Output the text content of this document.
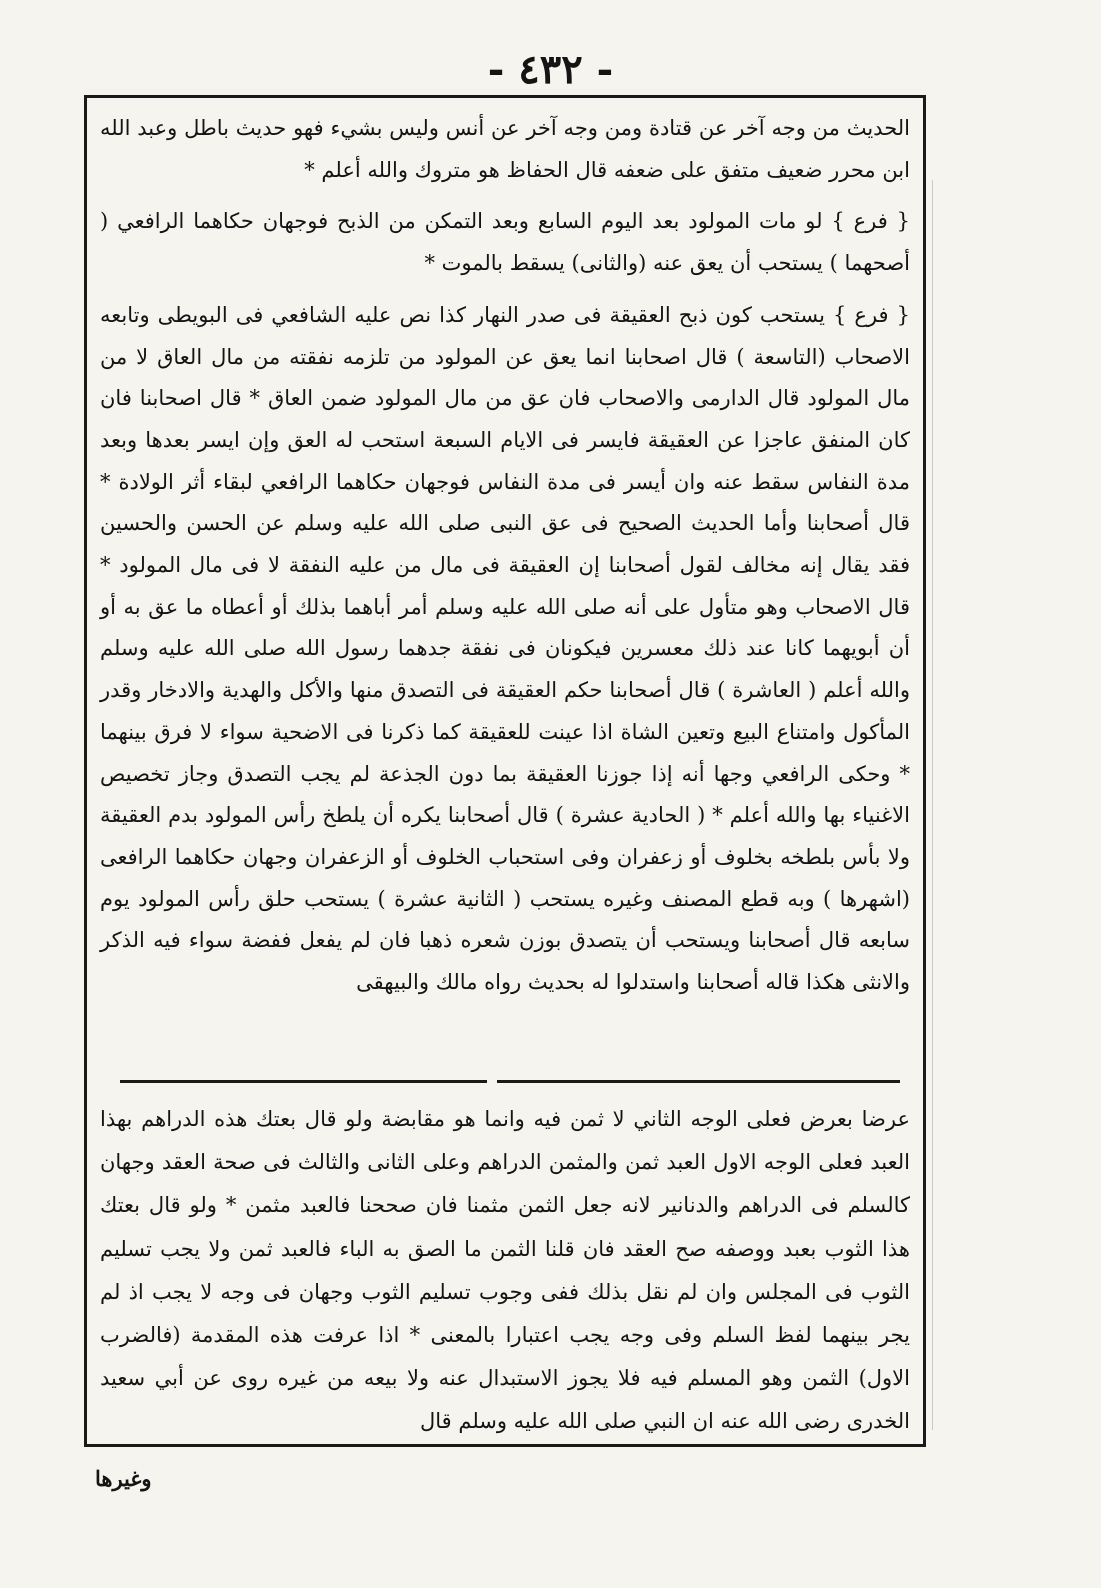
- ٤٣٢ -

الحديث من وجه آخر عن قتادة ومن وجه آخر عن أنس وليس بشيء فهو حديث باطل وعبد الله ابن محرر ضعيف متفق على ضعفه قال الحفاظ هو متروك والله أعلم *

{ فرع } لو مات المولود بعد اليوم السابع وبعد التمكن من الذبح فوجهان حكاهما الرافعي ( أصحهما ) يستحب أن يعق عنه (والثانى) يسقط بالموت *

{ فرع } يستحب كون ذبح العقيقة فى صدر النهار كذا نص عليه الشافعي فى البويطى وتابعه الاصحاب (التاسعة ) قال اصحابنا انما يعق عن المولود من تلزمه نفقته من مال العاق لا من مال المولود قال الدارمى والاصحاب فان عق من مال المولود ضمن العاق * قال اصحابنا فان كان المنفق عاجزا عن العقيقة فايسر فى الايام السبعة استحب له العق وإن ايسر بعدها وبعد مدة النفاس سقط عنه وان أيسر فى مدة النفاس فوجهان حكاهما الرافعي لبقاء أثر الولادة * قال أصحابنا وأما الحديث الصحيح فى عق النبى صلى الله عليه وسلم عن الحسن والحسين فقد يقال إنه مخالف لقول أصحابنا إن العقيقة فى مال من عليه النفقة لا فى مال المولود * قال الاصحاب وهو متأول على أنه صلى الله عليه وسلم أمر أباهما بذلك أو أعطاه ما عق به أو أن أبويهما كانا عند ذلك معسرين فيكونان فى نفقة جدهما رسول الله صلى الله عليه وسلم والله أعلم ( العاشرة ) قال أصحابنا حكم العقيقة فى التصدق منها والأكل والهدية والادخار وقدر المأكول وامتناع البيع وتعين الشاة اذا عينت للعقيقة كما ذكرنا فى الاضحية سواء لا فرق بينهما * وحكى الرافعي وجها أنه إذا جوزنا العقيقة بما دون الجذعة لم يجب التصدق وجاز تخصيص الاغنياء بها والله أعلم * ( الحادية عشرة ) قال أصحابنا يكره أن يلطخ رأس المولود بدم العقيقة ولا بأس بلطخه بخلوف أو زعفران وفى استحباب الخلوف أو الزعفران وجهان حكاهما الرافعى (اشهرها ) وبه قطع المصنف وغيره يستحب ( الثانية عشرة ) يستحب حلق رأس المولود يوم سابعه قال أصحابنا ويستحب أن يتصدق بوزن شعره ذهبا فان لم يفعل ففضة سواء فيه الذكر والانثى هكذا قاله أصحابنا واستدلوا له بحديث رواه مالك والبيهقى

عرضا بعرض فعلى الوجه الثاني لا ثمن فيه وانما هو مقابضة ولو قال بعتك هذه الدراهم بهذا العبد فعلى الوجه الاول العبد ثمن والمثمن الدراهم وعلى الثانى والثالث فى صحة العقد وجهان كالسلم فى الدراهم والدنانير لانه جعل الثمن مثمنا فان صححنا فالعبد مثمن * ولو قال بعتك هذا الثوب بعبد ووصفه صح العقد فان قلنا الثمن ما الصق به الباء فالعبد ثمن ولا يجب تسليم الثوب فى المجلس وان لم نقل بذلك ففى وجوب تسليم الثوب وجهان فى وجه لا يجب اذ لم يجر بينهما لفظ السلم وفى وجه يجب اعتبارا بالمعنى * اذا عرفت هذه المقدمة (فالضرب الاول) الثمن وهو المسلم فيه فلا يجوز الاستبدال عنه ولا بيعه من غيره روى عن أبي سعيد الخدرى رضى الله عنه ان النبي صلى الله عليه وسلم قال

وغيرها
